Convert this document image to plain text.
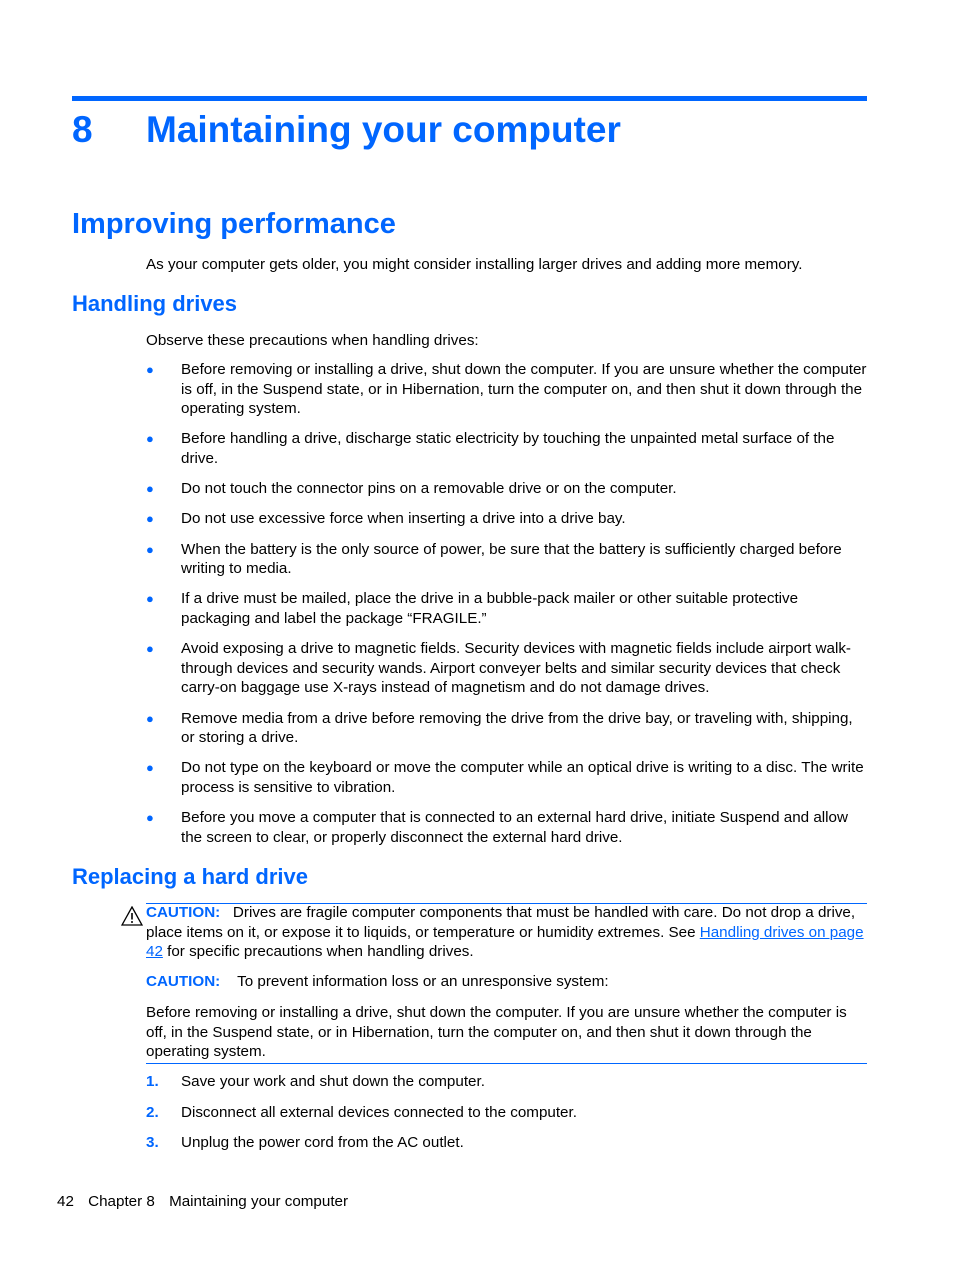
8 Maintaining your computer
Improving performance

As your computer gets older, you might consider installing larger drives and adding more memory.

Handling drives

Observe these precautions when handling drives:

● Before removing or installing a drive, shut down the computer. If you are unsure whether the computer is off, in the Suspend state, or in Hibernation, turn the computer on, and then shut it down through the operating system.
● Before handling a drive, discharge static electricity by touching the unpainted metal surface of the drive.
● Do not touch the connector pins on a removable drive or on the computer.
● Do not use excessive force when inserting a drive into a drive bay.
● When the battery is the only source of power, be sure that the battery is sufficiently charged before writing to media.
● If a drive must be mailed, place the drive in a bubble-pack mailer or other suitable protective packaging and label the package “FRAGILE.”
● Avoid exposing a drive to magnetic fields. Security devices with magnetic fields include airport walk-through devices and security wands. Airport conveyer belts and similar security devices that check carry-on baggage use X-rays instead of magnetism and do not damage drives.
● Remove media from a drive before removing the drive from the drive bay, or traveling with, shipping, or storing a drive.
● Do not type on the keyboard or move the computer while an optical drive is writing to a disc. The write process is sensitive to vibration.
● Before you move a computer that is connected to an external hard drive, initiate Suspend and allow the screen to clear, or properly disconnect the external hard drive.
Replacing a hard drive

CAUTION: Drives are fragile computer components that must be handled with care. Do not drop a drive, place items on it, or expose it to liquids, or temperature or humidity extremes. See Handling drives on page 42 for specific precautions when handling drives.

CAUTION: To prevent information loss or an unresponsive system:

Before removing or installing a drive, shut down the computer. If you are unsure whether the computer is off, in the Suspend state, or in Hibernation, turn the computer on, and then shut it down through the operating system.

1. Save your work and shut down the computer.
2. Disconnect all external devices connected to the computer.
3. Unplug the power cord from the AC outlet.
42 Chapter 8 Maintaining your computer
